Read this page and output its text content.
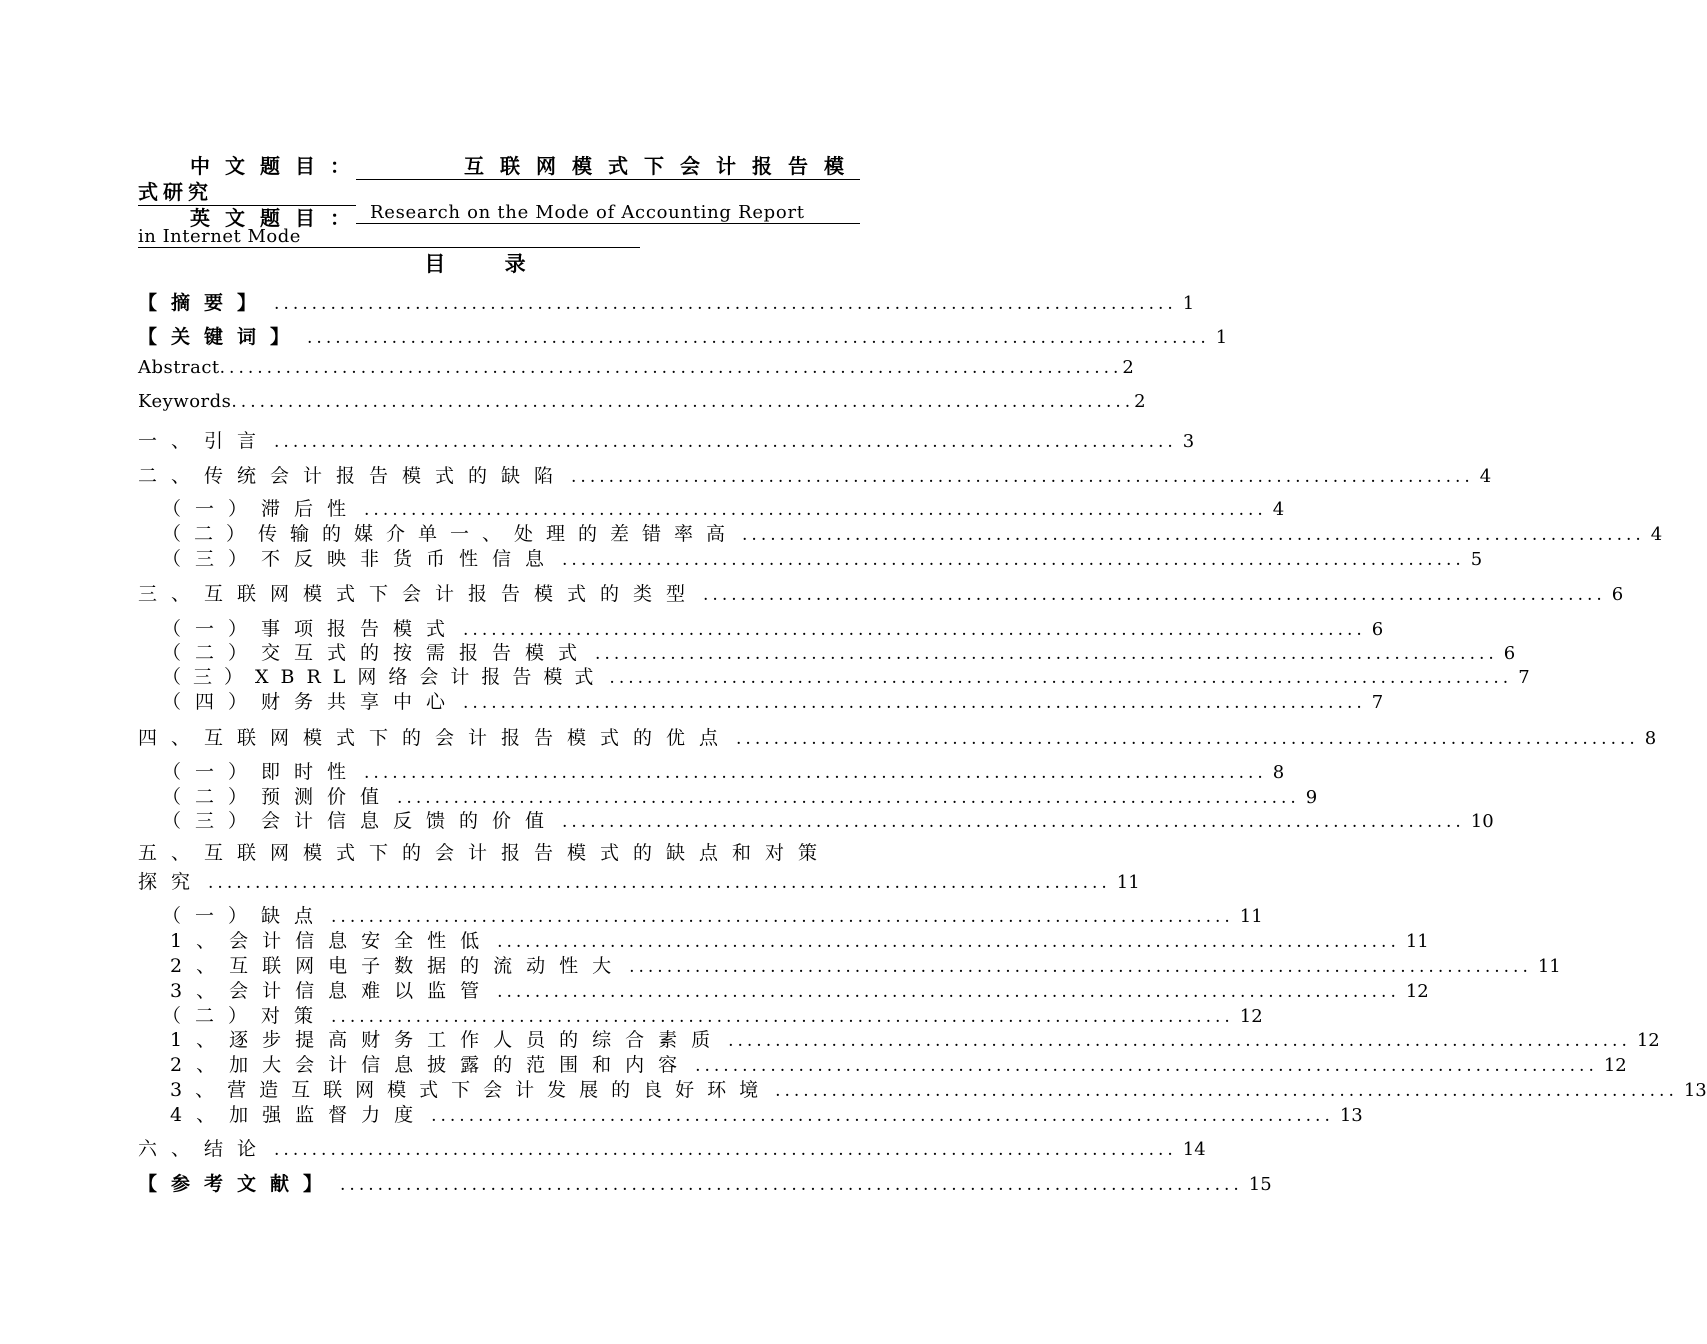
中文题目：	互联网模式下会计报告模
式研究
英文题目： Research on the Mode of Accounting Report
in Internet Mode
目 录
【摘要】 ................................................................................................ 1
【关键词】 ................................................................................................ 1
Abstract ................................................................................................ 2
Keywords ................................................................................................ 2
一、引言 ................................................................................................ 3
二、传统会计报告模式的缺陷 ................................................................................................ 4
（一）滞后性 ................................................................................................ 4
（二）传输的媒介单一、处理的差错率高 ................................................................................................ 4
（三）不反映非货币性信息 ................................................................................................ 5
三、互联网模式下会计报告模式的类型 ................................................................................................ 6
（一）事项报告模式 ................................................................................................ 6
（二）交互式的按需报告模式 ................................................................................................ 6
（三）XBRL网络会计报告模式 ................................................................................................ 7
（四）财务共享中心 ................................................................................................ 7
四、互联网模式下的会计报告模式的优点 ................................................................................................ 8
（一）即时性 ................................................................................................ 8
（二）预测价值 ................................................................................................ 9
（三）会计信息反馈的价值 ................................................................................................ 10
五、互联网模式下的会计报告模式的缺点和对策
探究 ................................................................................................ 11
（一）缺点 ................................................................................................ 11
1、会计信息安全性低 ................................................................................................ 11
2、互联网电子数据的流动性大 ................................................................................................ 11
3、会计信息难以监管 ................................................................................................ 12
（二）对策 ................................................................................................ 12
1、逐步提高财务工作人员的综合素质 ................................................................................................ 12
2、加大会计信息披露的范围和内容 ................................................................................................ 12
3、营造互联网模式下会计发展的良好环境 ................................................................................................ 13
4、加强监督力度 ................................................................................................ 13
六、结论 ................................................................................................ 14
【参考文献】 ................................................................................................ 15
